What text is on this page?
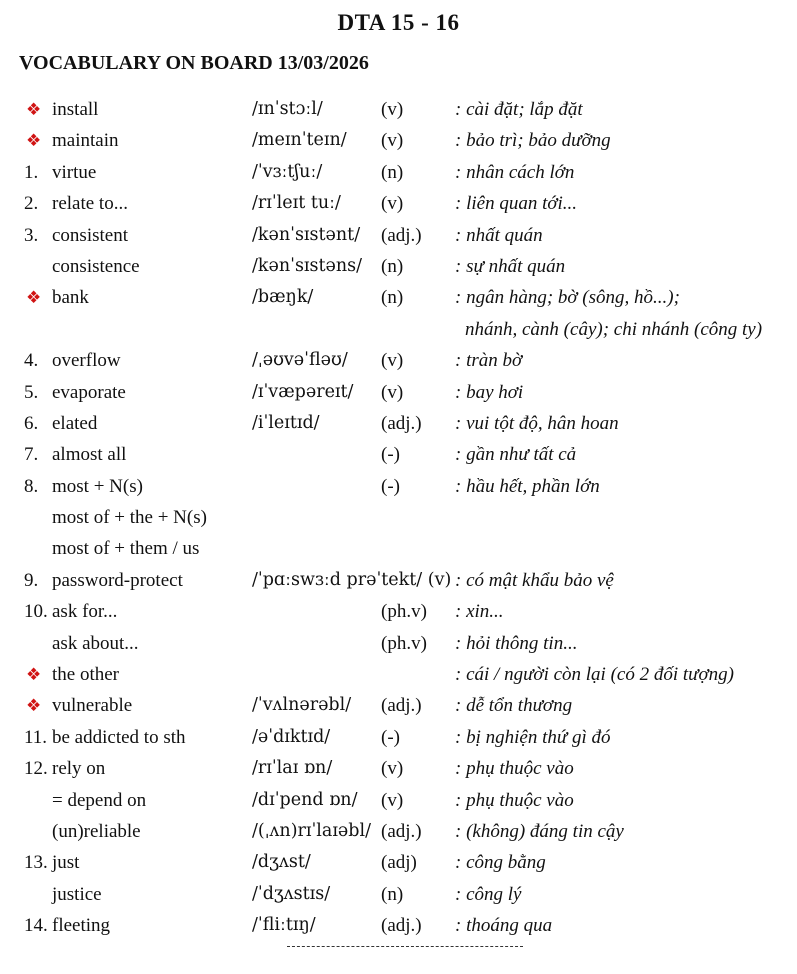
DTA 15 - 16
VOCABULARY ON BOARD 13/03/2026
❖ install	/ɪnˈstɔːl/	(v)	: cài đặt; lắp đặt
❖ maintain	/meɪnˈteɪn/ (v)	: bảo trì; bảo dưỡng
1. virtue	/ˈvɜːtʃuː/	(n)	: nhân cách lớn
2. relate to...	/rɪˈleɪt tuː/ (v)	: liên quan tới...
3. consistent	/kənˈsɪstənt/ (adj.) : nhất quán
consistence	/kənˈsɪstəns/ (n)	: sự nhất quán
❖ bank	/bæŋk/	(n)	: ngân hàng; bờ (sông, hồ...);
nhánh, cành (cây); chi nhánh (công ty)
4. overflow	/ˌəʊvəˈfləʊ/ (v)	: tràn bờ
5. evaporate	/ɪˈvæpəreɪt/ (v)	: bay hơi
6. elated	/iˈleɪtɪd/	(adj.) : vui tột độ, hân hoan
7. almost all	(-)	: gần như tất cả
8. most + N(s)	(-)	: hầu hết, phần lớn
most of + the + N(s)
most of + them / us
9. password-protect	/ˈpɑːswɜːd prəˈtekt/ (v) : có mật khẩu bảo vệ
10. ask for...	(ph.v) : xin...
ask about...	(ph.v) : hỏi thông tin...
❖ the other	: cái / người còn lại (có 2 đối tượng)
❖ vulnerable	/ˈvʌlnərəbl/ (adj.) : dễ tổn thương
11. be addicted to sth	/əˈdɪktɪd/	(-)	: bị nghiện thứ gì đó
12. rely on	/rɪˈlaɪ ɒn/	(v)	: phụ thuộc vào
= depend on	/dɪˈpend ɒn/ (v)	: phụ thuộc vào
(un)reliable	/(ˌʌn)rɪˈlaɪəbl/ (adj.) : (không) đáng tin cậy
13. just	/dʒʌst/	(adj) : công bằng
justice	/ˈdʒʌstɪs/	(n)	: công lý
14. fleeting	/ˈfliːtɪŋ/	(adj.) : thoáng qua
